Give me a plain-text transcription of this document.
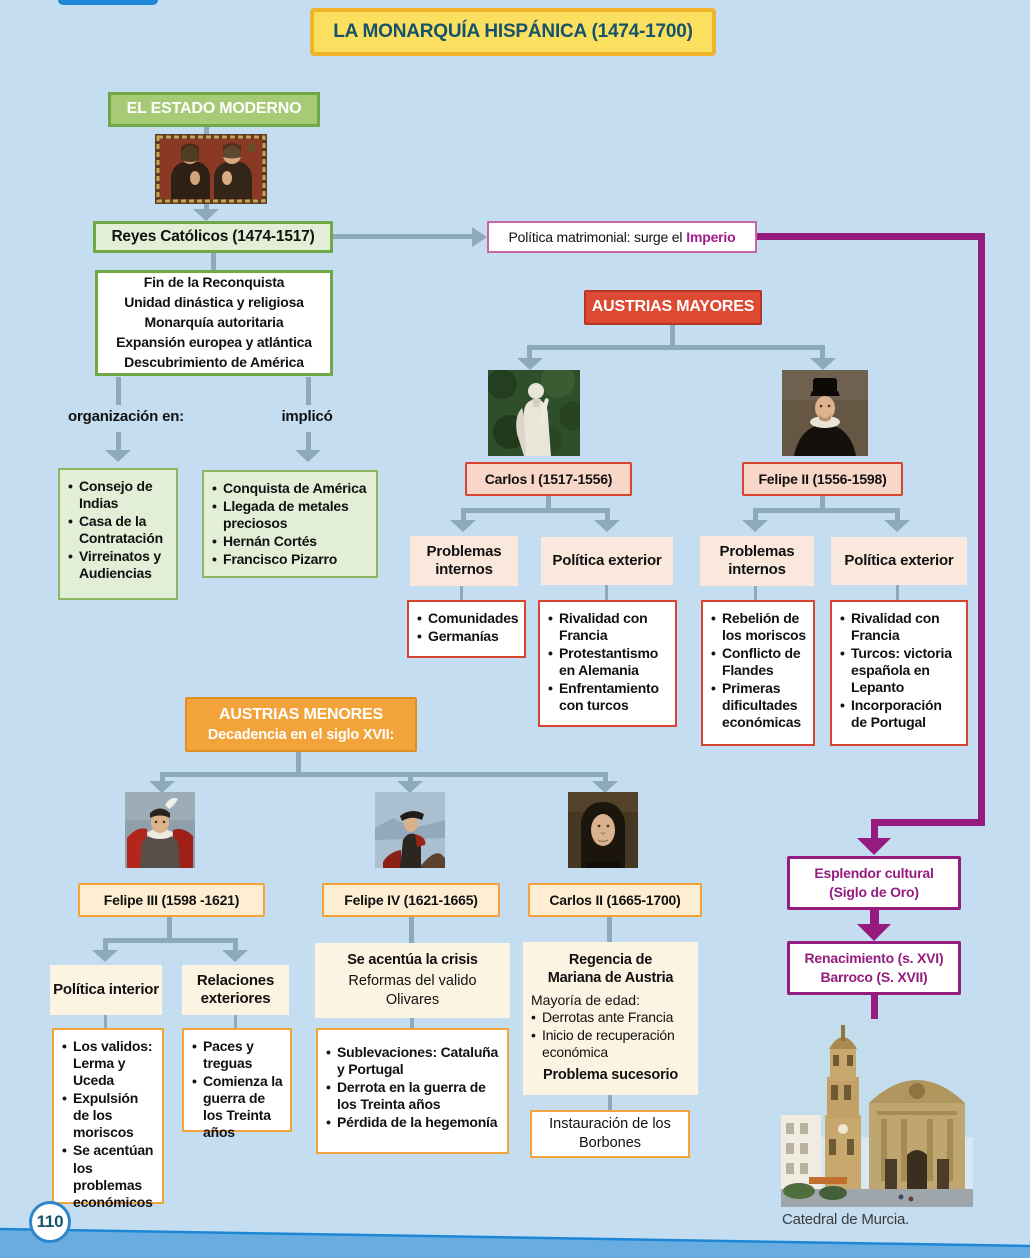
LA MONARQUÍA HISPÁNICA (1474-1700)
EL ESTADO MODERNO
Reyes Católicos (1474-1517)
Fin de la Reconquista
Unidad dinástica y religiosa
Monarquía autoritaria
Expansión europea y atlántica
Descubrimiento de América
organización en:	implicó
• Consejo de Indias
• Casa de la Contratación
• Virreinatos y Audiencias
• Conquista de América
• Llegada de metales preciosos
• Hernán Cortés
• Francisco Pizarro
Política matrimonial: surge el Imperio
AUSTRIAS MAYORES
Carlos I (1517-1556)	Felipe II (1556-1598)
Problemas internos
Política exterior
Problemas internos
Política exterior
• Comunidades
• Germanías
• Rivalidad con Francia
• Protestantismo en Alemania
• Enfrentamiento con turcos
• Rebelión de los moriscos
• Conflicto de Flandes
• Primeras dificultades económicas
• Rivalidad con Francia
• Turcos: victoria española en Lepanto
• Incorporación de Portugal
AUSTRIAS MENORES
Decadencia en el siglo XVII:
Felipe III (1598 -1621)	Felipe IV (1621-1665)	Carlos II (1665-1700)
Política interior
Relaciones exteriores
• Los validos: Lerma y Uceda
• Expulsión de los moriscos
• Se acentúan los problemas económicos
• Paces y treguas
• Comienza la guerra de los Treinta años
Se acentúa la crisis
Reformas del valido Olivares
• Sublevaciones: Cataluña y Portugal
• Derrota en la guerra de los Treinta años
• Pérdida de la hegemonía
Regencia de Mariana de Austria
Mayoría de edad:
• Derrotas ante Francia
• Inicio de recuperación económica
Problema sucesorio
Instauración de los Borbones
Esplendor cultural
(Siglo de Oro)
Renacimiento (s. XVI)
Barroco (S. XVII)
Catedral de Murcia.
110
